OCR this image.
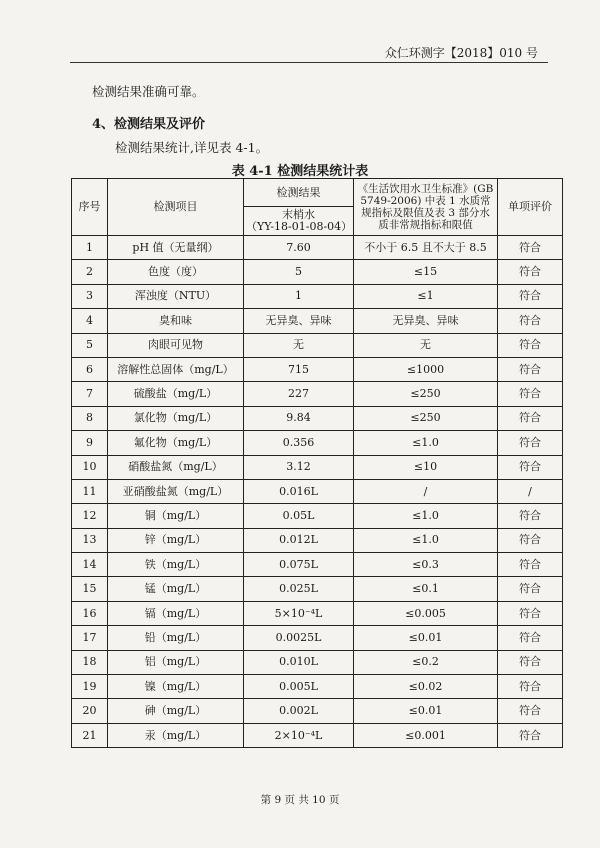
众仁环测字【2018】010 号
检测结果准确可靠。
4、检测结果及评价
检测结果统计,详见表 4-1。
表 4-1 检测结果统计表
序号	检测项目	检测结果	《生活饮用水卫生标准》(GB 5749-2006) 中表 1 水质常规指标及限值及表 3 部分水质非常规指标和限值	单项评价

		末梢水
（YY-18-01-08-04）		

1	pH 值（无量纲）	7.60	不小于 6.5 且不大于 8.5	符合
2	色度（度）	5	≤15	符合
3	浑浊度（NTU）	1	≤1	符合
4	臭和味	无异臭、异味	无异臭、异味	符合
5	肉眼可见物	无	无	符合
6	溶解性总固体（mg/L）	715	≤1000	符合
7	硫酸盐（mg/L）	227	≤250	符合
8	氯化物（mg/L）	9.84	≤250	符合
9	氟化物（mg/L）	0.356	≤1.0	符合
10	硝酸盐氮（mg/L）	3.12	≤10	符合
11	亚硝酸盐氮（mg/L）	0.016L	/	/
12	铜（mg/L）	0.05L	≤1.0	符合
13	锌（mg/L）	0.012L	≤1.0	符合
14	铁（mg/L）	0.075L	≤0.3	符合
15	锰（mg/L）	0.025L	≤0.1	符合
16	镉（mg/L）	5×10⁻⁴L	≤0.005	符合
17	铅（mg/L）	0.0025L	≤0.01	符合
18	铝（mg/L）	0.010L	≤0.2	符合
19	镍（mg/L）	0.005L	≤0.02	符合
20	砷（mg/L）	0.002L	≤0.01	符合
21	汞（mg/L）	2×10⁻⁴L	≤0.001	符合
第 9 页 共 10 页
